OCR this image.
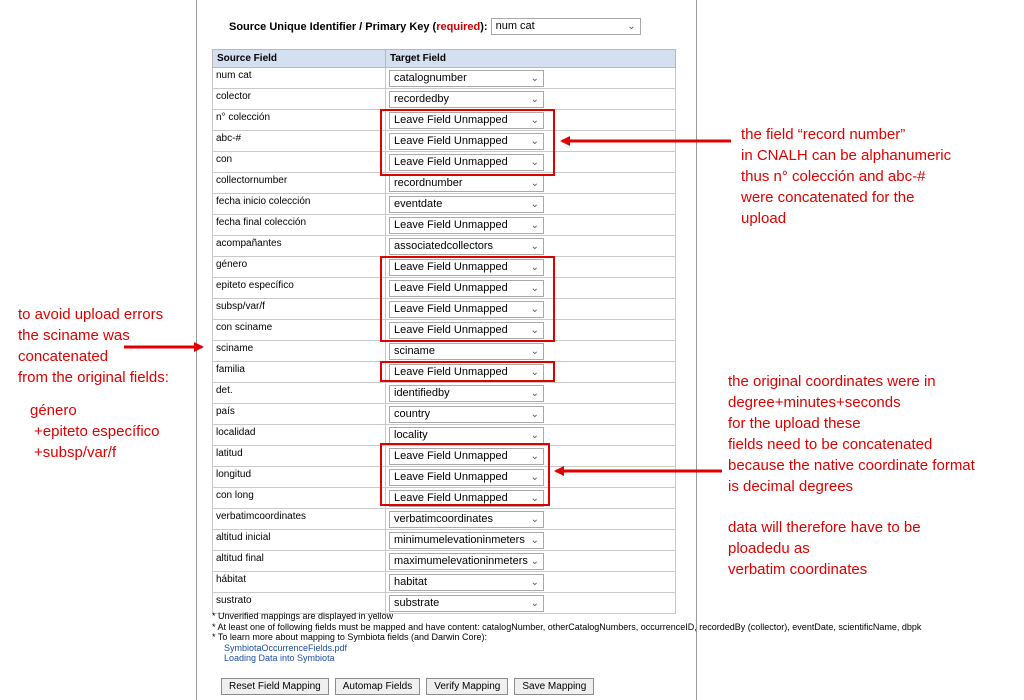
Source Unique Identifier / Primary Key ( required ): num cat	⌄
Source Field	Target Field
num cat	catalognumber ⌄

colector	recordedby ⌄

n° colección	Leave Field Unmapped ⌄

abc-#	Leave Field Unmapped ⌄

con	Leave Field Unmapped ⌄

collectornumber	recordnumber ⌄

fecha inicio colección	eventdate ⌄

fecha final colección	Leave Field Unmapped ⌄

acompañantes	associatedcollectors ⌄

género	Leave Field Unmapped ⌄

epiteto específico	Leave Field Unmapped ⌄

subsp/var/f	Leave Field Unmapped ⌄

con sciname	Leave Field Unmapped ⌄

sciname	sciname ⌄

familia	Leave Field Unmapped ⌄

det.	identifiedby ⌄

país	country ⌄

localidad	locality ⌄

latitud	Leave Field Unmapped ⌄

longitud	Leave Field Unmapped ⌄

con long	Leave Field Unmapped ⌄

verbatimcoordinates	verbatimcoordinates ⌄

altitud inicial	minimumelevationinmeters ⌄

altitud final	maximumelevationinmeters ⌄

hábitat	habitat ⌄

sustrato	substrate ⌄
* Unverified mappings are displayed in yellow
* At least one of following fields must be mapped and have content: catalogNumber, otherCatalogNumbers, occurrenceID, recordedBy (collector), eventDate, scientificName, dbpk
* To learn more about mapping to Symbiota fields (and Darwin Core):
SymbiotaOccurrenceFields.pdf
Loading Data into Symbiota
Reset Field Mapping	Automap Fields	Verify Mapping	Save Mapping
the field “record number”
in CNALH can be alphanumeric
thus n° colección and abc-#
were concatenated for the
upload
to avoid upload errors
the sciname was
concatenated
from the original fields:
género
+epiteto específico
+subsp/var/f
the original coordinates were in
degree+minutes+seconds
for the upload these
fields need to be concatenated
because the native coordinate format
is decimal degrees
data will therefore have to be
ploadedu as
verbatim coordinates
